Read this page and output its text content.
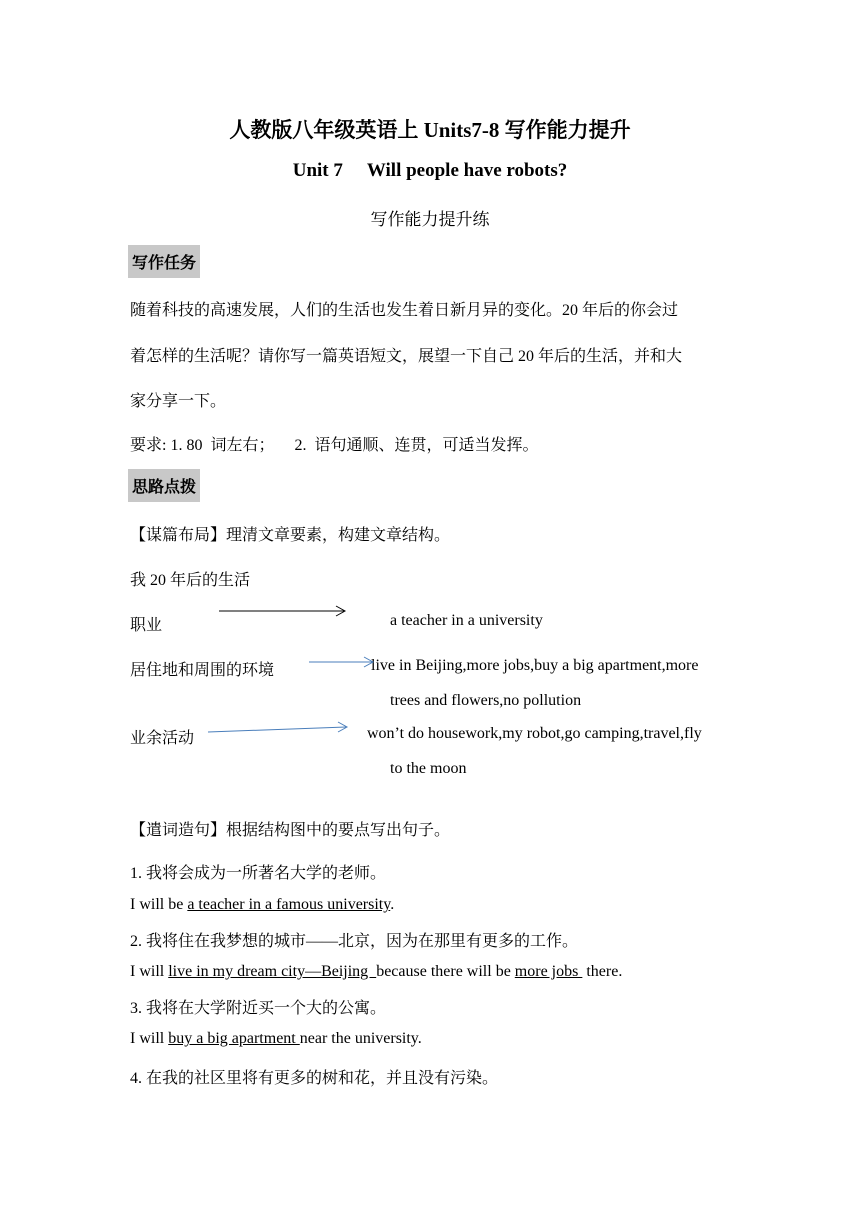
人教版八年级英语上 Units7-8 写作能力提升
Unit 7 Will people have robots?
写作能力提升练
写作任务
随着科技的高速发展，人们的生活也发生着日新月异的变化。20 年后的你会过
着怎样的生活呢？请你写一篇英语短文，展望一下自己 20 年后的生活，并和大
家分享一下。
要求: 1. 80  词左右；     2.  语句通顺、连贯，可适当发挥。
思路点拨
【谋篇布局】理清文章要素，构建文章结构。
我 20 年后的生活
职业	a teacher in a university
居住地和周围的环境	live in Beijing,more jobs,buy a big apartment,more
trees and flowers,no pollution
业余活动	won’t do housework,my robot,go camping,travel,fly
to the moon
【遣词造句】根据结构图中的要点写出句子。
1. 我将会成为一所著名大学的老师。
I will be a teacher in a famous university.
2. 我将住在我梦想的城市——北京，因为在那里有更多的工作。
I will live in my dream city—Beijing  because there will be more jobs  there.
3. 我将在大学附近买一个大的公寓。
I will buy a big apartment near the university.
4. 在我的社区里将有更多的树和花，并且没有污染。
